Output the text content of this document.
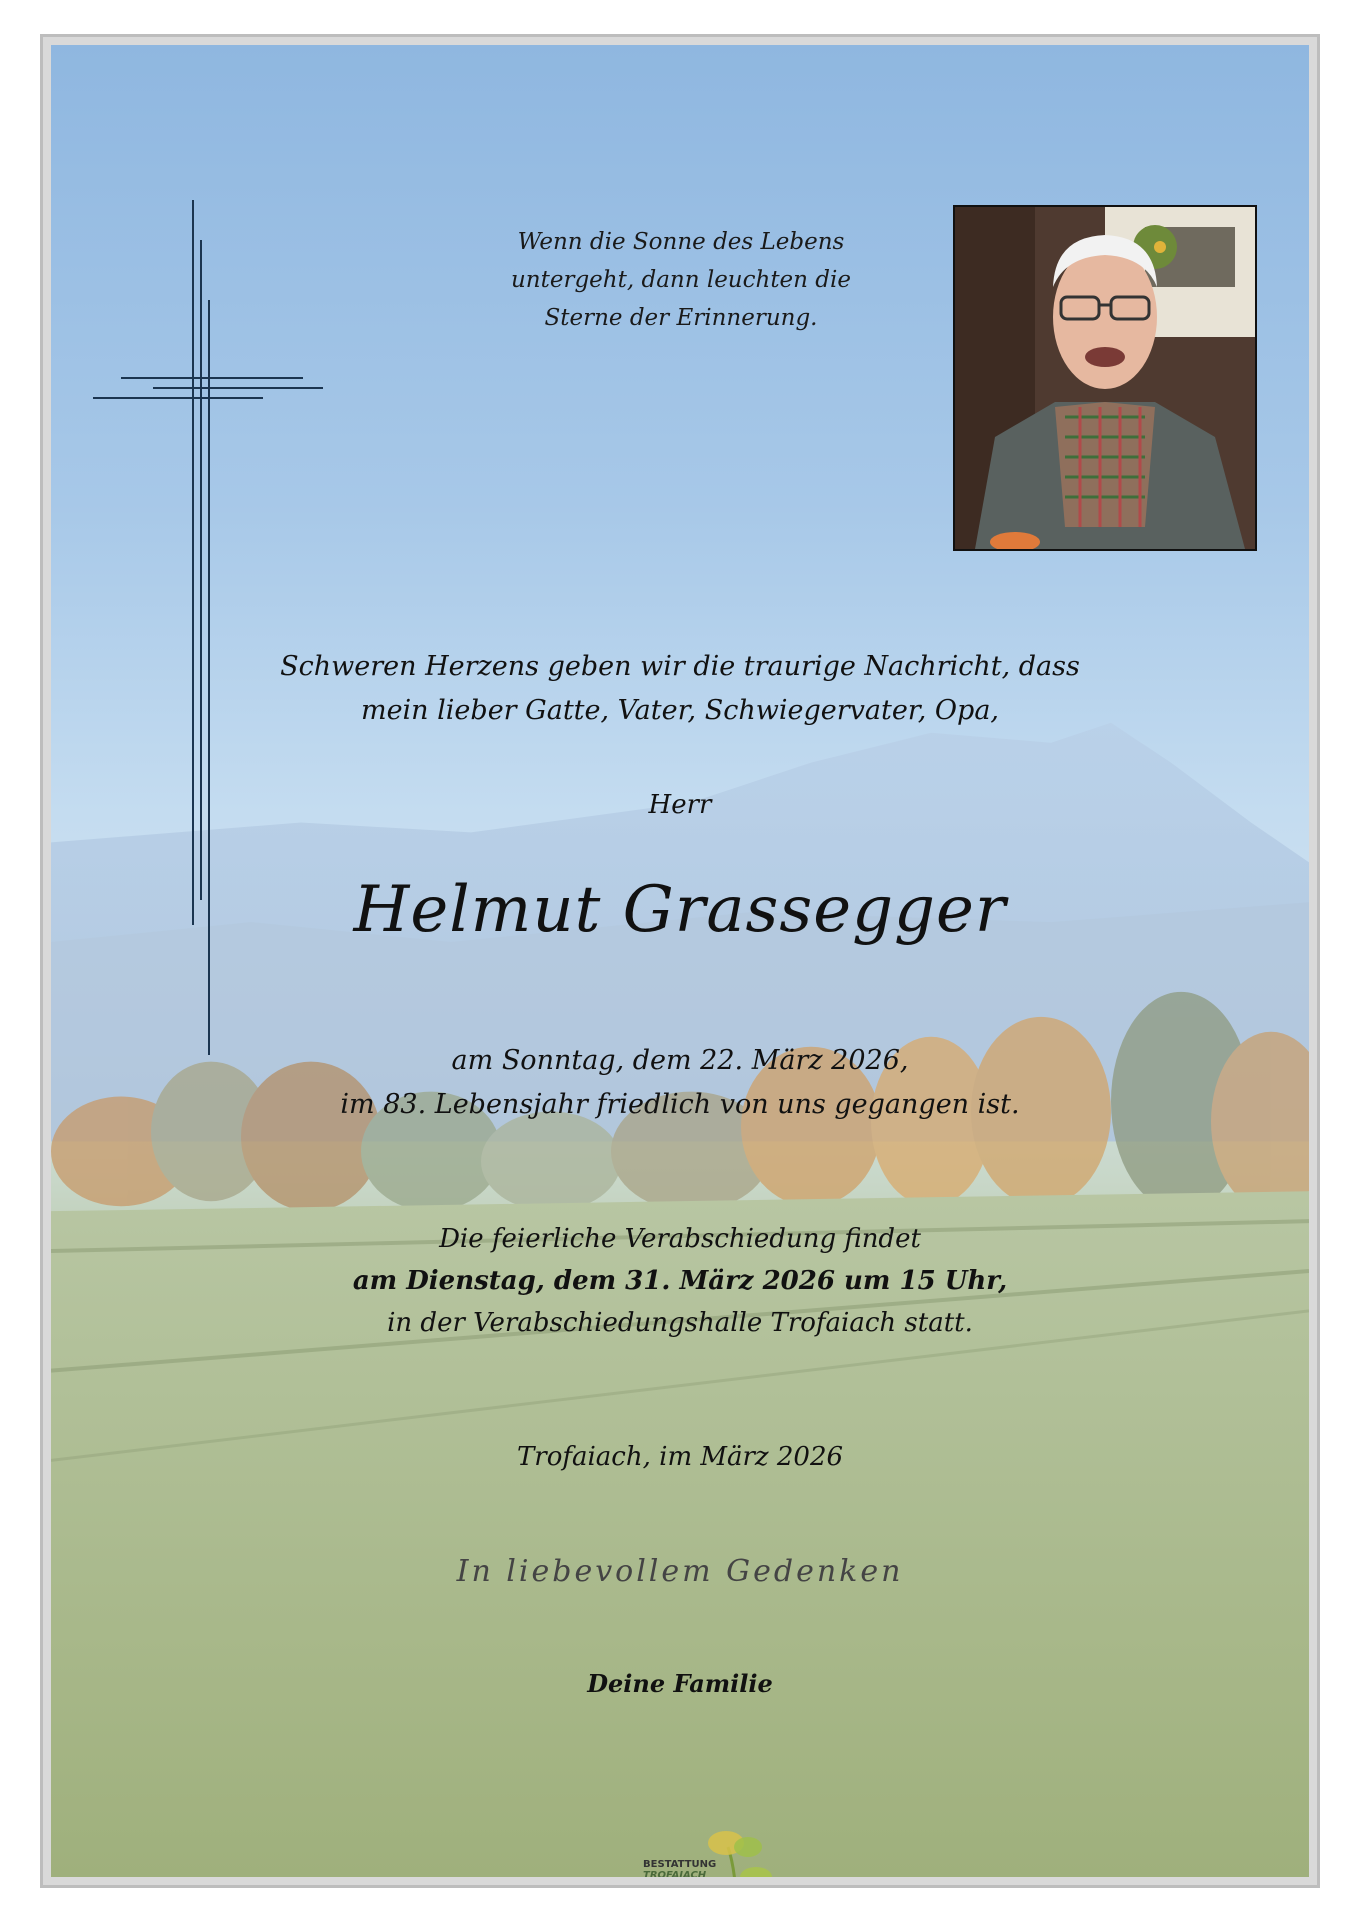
Wenn die Sonne des Lebens
untergeht, dann leuchten die
Sterne der Erinnerung.
Schweren Herzens geben wir die traurige Nachricht, dass
mein lieber Gatte, Vater, Schwiegervater, Opa,
Herr
Helmut Grassegger
am Sonntag, dem 22. März 2026,
im 83. Lebensjahr friedlich von uns gegangen ist.
Die feierliche Verabschiedung findet
am Dienstag, dem 31. März 2026 um 15 Uhr,
in der Verabschiedungshalle Trofaiach statt.
Trofaiach, im März 2026
In liebevollem Gedenken
Deine Familie
BESTATTUNG
TROFAIACH
